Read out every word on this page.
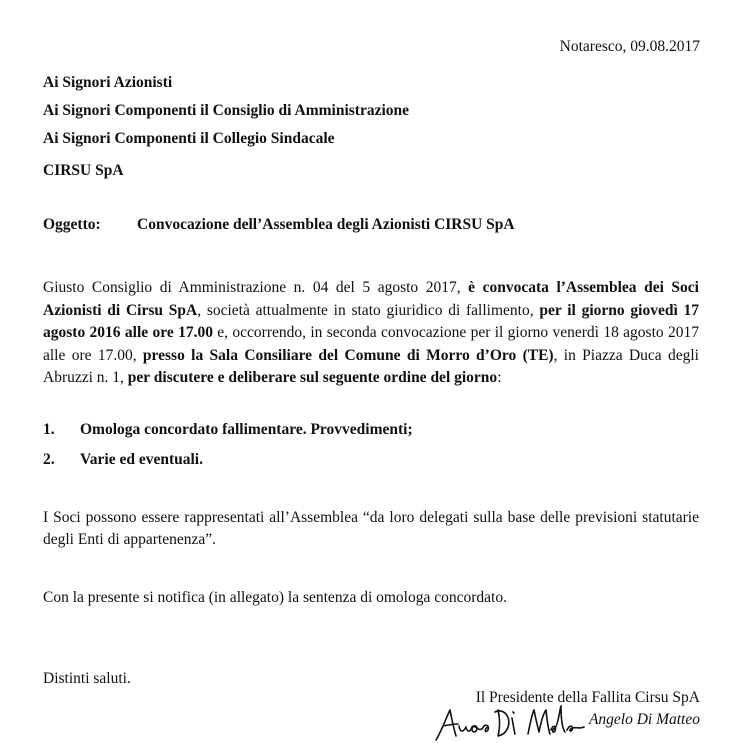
Notaresco, 09.08.2017
Ai Signori Azionisti
Ai Signori Componenti il Consiglio di Amministrazione
Ai Signori Componenti il Collegio Sindacale
CIRSU SpA
Oggetto: Convocazione dell’Assemblea degli Azionisti CIRSU SpA
Giusto Consiglio di Amministrazione n. 04 del 5 agosto 2017, è convocata l’Assemblea dei Soci Azionisti di Cirsu SpA, società attualmente in stato giuridico di fallimento, per il giorno giovedì 17 agosto 2016 alle ore 17.00 e, occorrendo, in seconda convocazione per il giorno venerdì 18 agosto 2017 alle ore 17.00, presso la Sala Consiliare del Comune di Morro d’Oro (TE), in Piazza Duca degli Abruzzi n. 1, per discutere e deliberare sul seguente ordine del giorno:
1. Omologa concordato fallimentare. Provvedimenti;
2. Varie ed eventuali.
I Soci possono essere rappresentati all’Assemblea “da loro delegati sulla base delle previsioni statutarie degli Enti di appartenenza”.
Con la presente si notifica (in allegato) la sentenza di omologa concordato.
Distinti saluti.
Il Presidente della Fallita Cirsu SpA
Angelo Di Matteo
